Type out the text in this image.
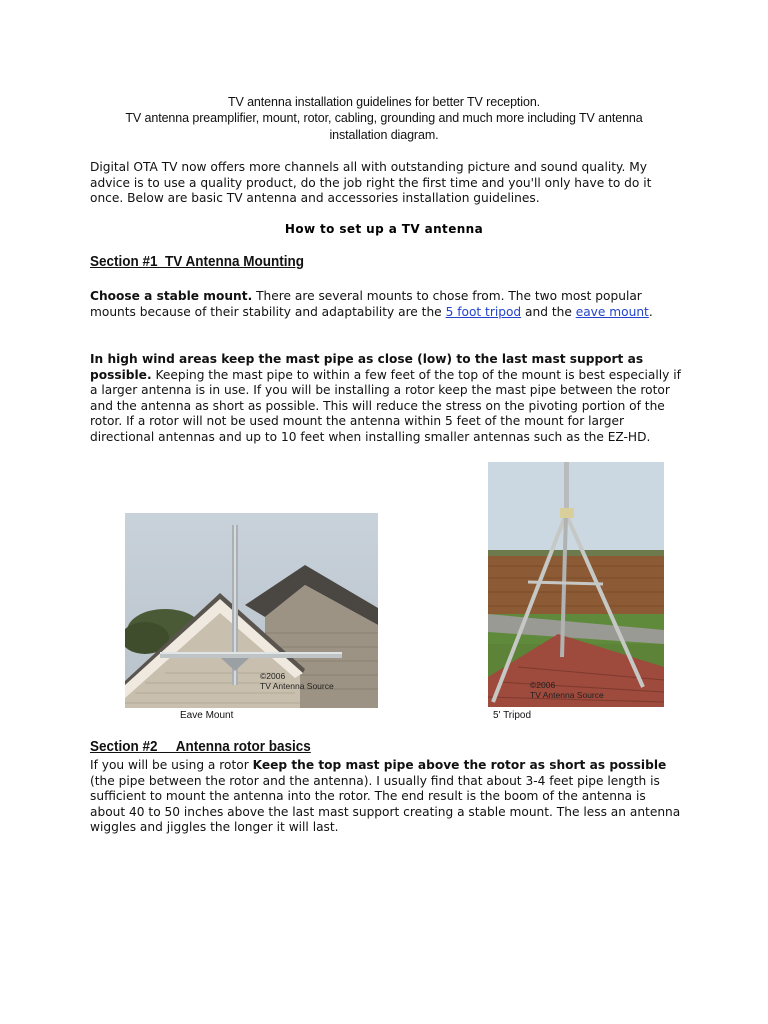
TV antenna installation guidelines for better TV reception.
TV antenna preamplifier, mount, rotor, cabling, grounding and much more including TV antenna
installation diagram.
Digital OTA TV now offers more channels all with outstanding picture and sound quality. My advice is to use a quality product, do the job right the first time and you'll only have to do it once. Below are basic TV antenna and accessories installation guidelines.
How to set up a TV antenna
Section #1  TV Antenna Mounting
Choose a stable mount. There are several mounts to chose from. The two most popular mounts because of their stability and adaptability are the 5 foot tripod and the eave mount.
In high wind areas keep the mast pipe as close (low) to the last mast support as possible. Keeping the mast pipe to within a few feet of the top of the mount is best especially if a larger antenna is in use. If you will be installing a rotor keep the mast pipe between the rotor and the antenna as short as possible. This will reduce the stress on the pivoting portion of the rotor. If a rotor will not be used mount the antenna within 5 feet of the mount for larger directional antennas and up to 10 feet when installing smaller antennas such as the EZ-HD.
©2006
TV Antenna Source
Eave Mount
©2006
TV Antenna Source
5' Tripod
Section #2     Antenna rotor basics
If you will be using a rotor Keep the top mast pipe above the rotor as short as possible (the pipe between the rotor and the antenna). I usually find that about 3-4 feet pipe length is sufficient to mount the antenna into the rotor. The end result is the boom of the antenna is about 40 to 50 inches above the last mast support creating a stable mount. The less an antenna wiggles and jiggles the longer it will last.
